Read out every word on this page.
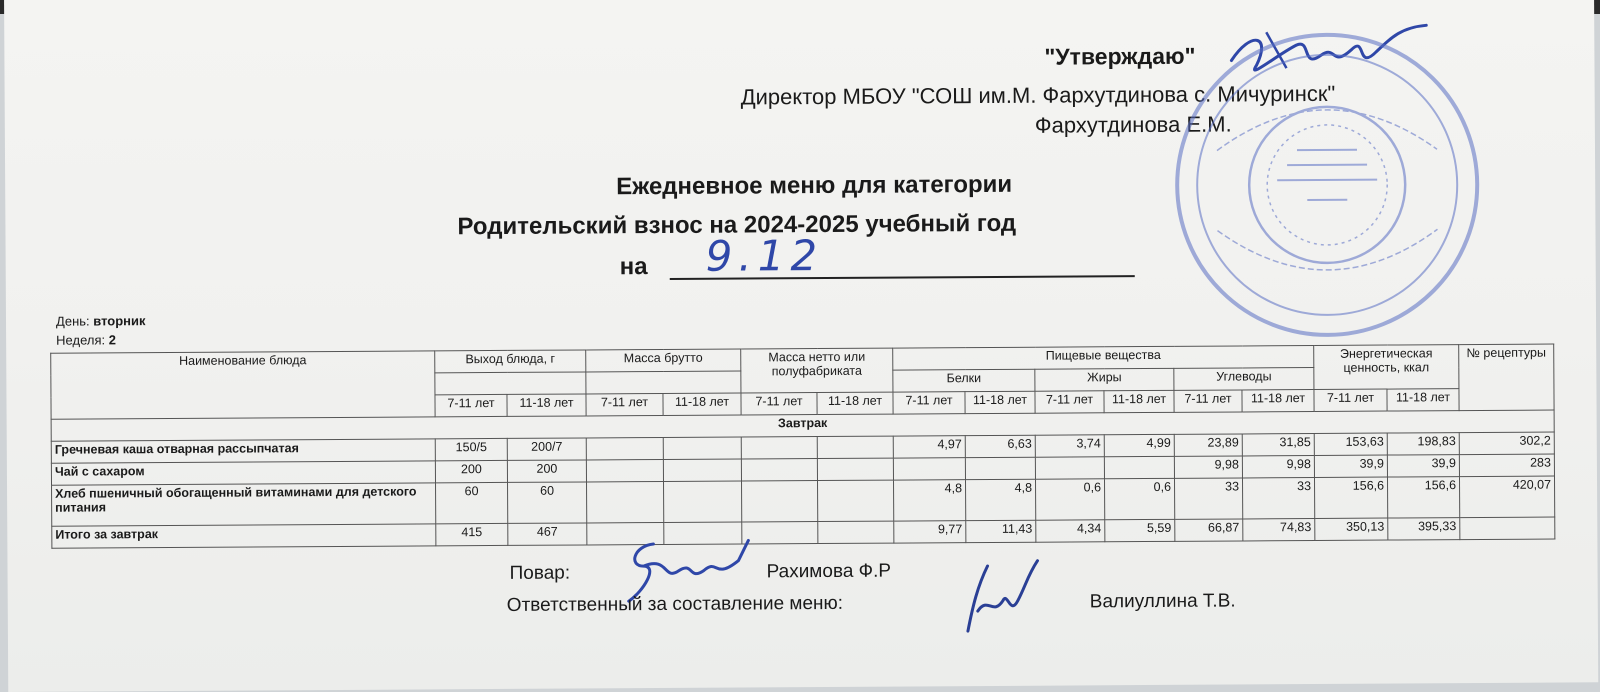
"Утверждаю"
Директор МБОУ "СОШ им.М. Фархутдинова с. Мичуринск"
Фархутдинова Е.М.
Ежедневное меню для категории
Родительский взнос на 2024-2025 учебный год
на 9.12
День: вторник
Неделя: 2
Наименование блюда	Выход блюда, г		Масса брутто		Масса нетто или полуфабриката		Пищевые вещества						Энергетическая ценность, ккал		№ рецептуры
							Белки		Жиры		Углеводы				
	7-11 лет	11-18 лет	7-11 лет	11-18 лет	7-11 лет	11-18 лет	7-11 лет	11-18 лет	7-11 лет	11-18 лет	7-11 лет	11-18 лет	7-11 лет	11-18 лет	
Завтрак															
Гречневая каша отварная рассыпчатая	150/5	200/7					4,97	6,63	3,74	4,99	23,89	31,85	153,63	198,83	302,2
Чай с сахаром	200	200									9,98	9,98	39,9	39,9	283
Хлеб пшеничный обогащенный витаминами для детского питания	60	60					4,8	4,8	0,6	0,6	33	33	156,6	156,6	420,07
Итого за завтрак	415	467					9,77	11,43	4,34	5,59	66,87	74,83	350,13	395,33	
Повар:	Рахимова Ф.Р
Ответственный за составление меню:	Валиуллина Т.В.
